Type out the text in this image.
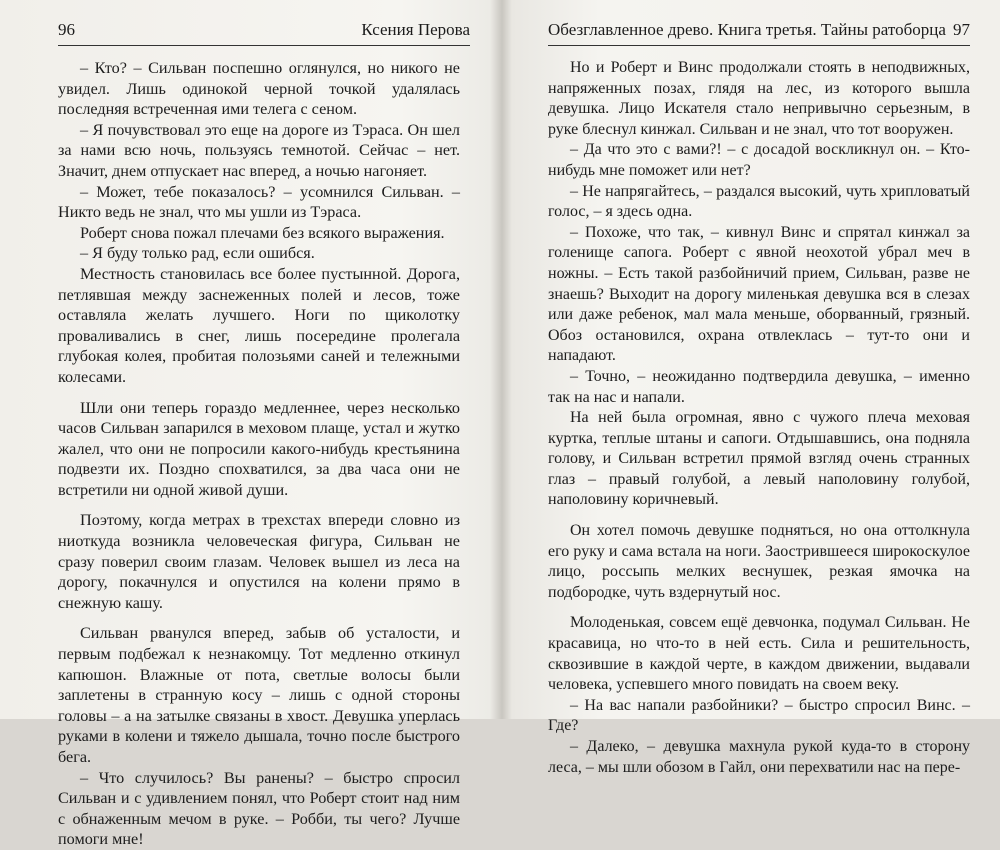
96	Ксения Перова

– Кто? – Сильван поспешно оглянулся, но никого не увидел. Лишь одинокой черной точкой удалялась последняя встреченная ими телега с сеном.

– Я почувствовал это еще на дороге из Тэраса. Он шел за нами всю ночь, пользуясь темнотой. Сейчас – нет. Значит, днем отпускает нас вперед, а ночью нагоняет.

– Может, тебе показалось? – усомнился Сильван. – Никто ведь не знал, что мы ушли из Тэраса.

Роберт снова пожал плечами без всякого выражения.

– Я буду только рад, если ошибся.

Местность становилась все более пустынной. Дорога, петлявшая между заснеженных полей и лесов, тоже оставляла желать лучшего. Ноги по щиколотку проваливались в снег, лишь посередине пролегала глубокая колея, пробитая полозьями саней и тележными колесами.

Шли они теперь гораздо медленнее, через несколько часов Сильван запарился в меховом плаще, устал и жутко жалел, что они не попросили какого-нибудь крестьянина подвезти их. Поздно спохватился, за два часа они не встретили ни одной живой души.

Поэтому, когда метрах в трехстах впереди словно из ниоткуда возникла человеческая фигура, Сильван не сразу поверил своим глазам. Человек вышел из леса на дорогу, покачнулся и опустился на колени прямо в снежную кашу.

Сильван рванулся вперед, забыв об усталости, и первым подбежал к незнакомцу. Тот медленно откинул капюшон. Влажные от пота, светлые волосы были заплетены в странную косу – лишь с одной стороны головы – а на затылке связаны в хвост. Девушка уперлась руками в колени и тяжело дышала, точно после быстрого бега.

– Что случилось? Вы ранены? – быстро спросил Сильван и с удивлением понял, что Роберт стоит над ним с обнаженным мечом в руке. – Робби, ты чего? Лучше помоги мне!

Обезглавленное древо. Книга третья. Тайны ратоборца 97

Но и Роберт и Винс продолжали стоять в неподвижных, напряженных позах, глядя на лес, из которого вышла девушка. Лицо Искателя стало непривычно серьезным, в руке блеснул кинжал. Сильван и не знал, что тот вооружен.

– Да что это с вами?! – с досадой воскликнул он. – Кто-нибудь мне поможет или нет?

– Не напрягайтесь, – раздался высокий, чуть хрипловатый голос, – я здесь одна.

– Похоже, что так, – кивнул Винс и спрятал кинжал за голенище сапога. Роберт с явной неохотой убрал меч в ножны. – Есть такой разбойничий прием, Сильван, разве не знаешь? Выходит на дорогу миленькая девушка вся в слезах или даже ребенок, мал мала меньше, оборванный, грязный. Обоз остановился, охрана отвлеклась – тут-то они и нападают.

– Точно, – неожиданно подтвердила девушка, – именно так на нас и напали.

На ней была огромная, явно с чужого плеча меховая куртка, теплые штаны и сапоги. Отдышавшись, она подняла голову, и Сильван встретил прямой взгляд очень странных глаз – правый голубой, а левый наполовину голубой, наполовину коричневый.

Он хотел помочь девушке подняться, но она оттолкнула его руку и сама встала на ноги. Заострившееся широкоскулое лицо, россыпь мелких веснушек, резкая ямочка на подбородке, чуть вздернутый нос.

Молоденькая, совсем ещё девчонка, подумал Сильван. Не красавица, но что-то в ней есть. Сила и решительность, сквозившие в каждой черте, в каждом движении, выдавали человека, успевшего много повидать на своем веку.

– На вас напали разбойники? – быстро спросил Винс. – Где?

– Далеко, – девушка махнула рукой куда-то в сторону леса, – мы шли обозом в Гайл, они перехватили нас на пере-
